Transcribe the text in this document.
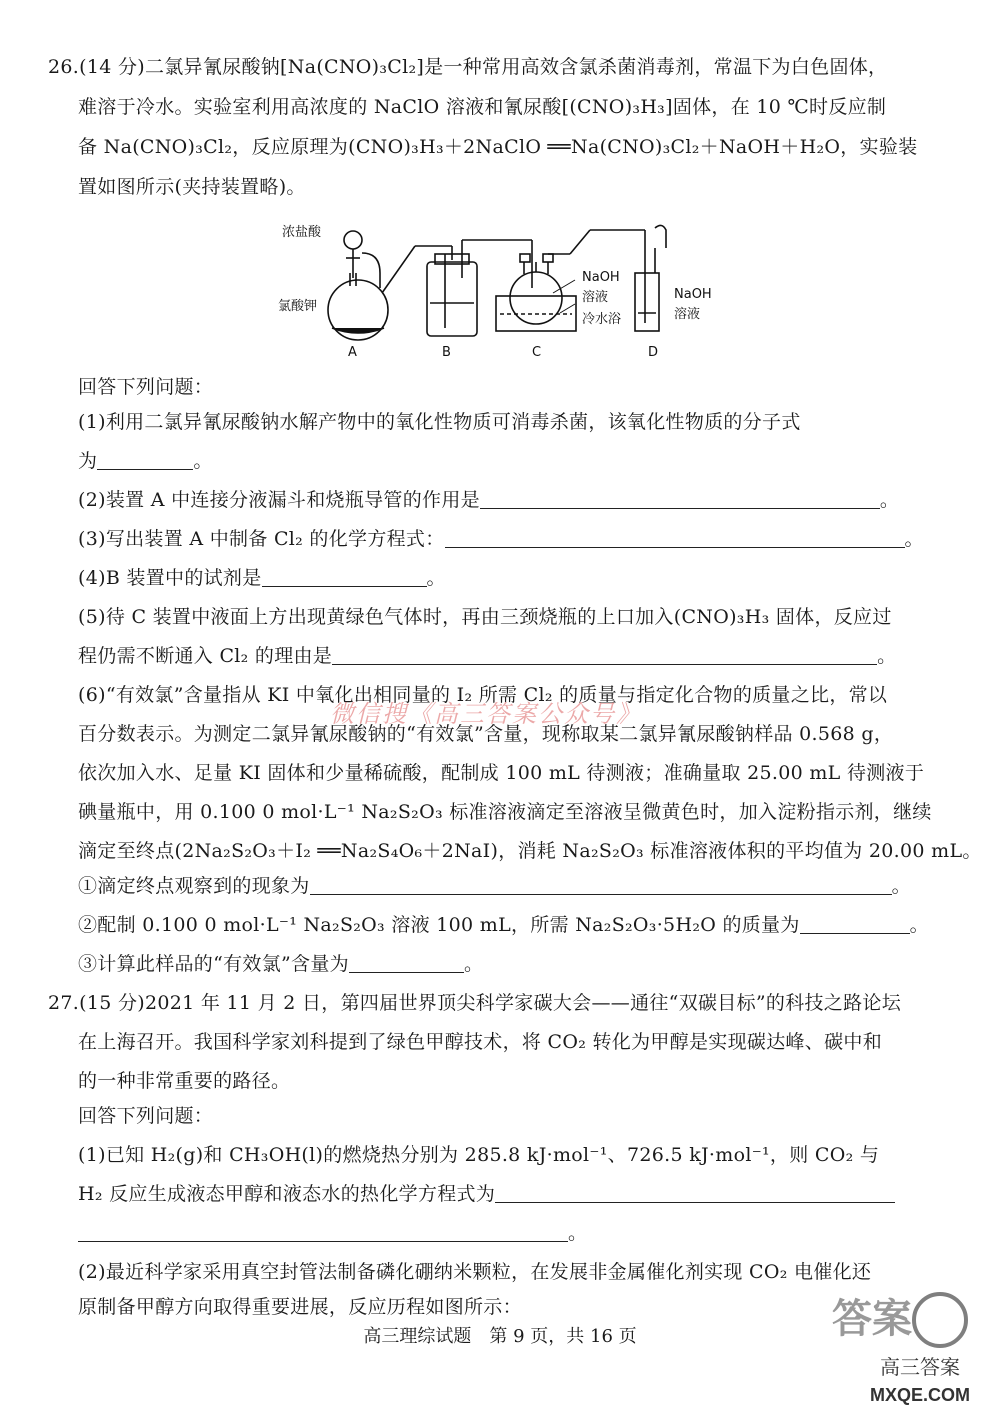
26.(14 分)二氯异氰尿酸钠[Na(CNO)₃Cl₂]是一种常用高效含氯杀菌消毒剂，常温下为白色固体，
难溶于冷水。实验室利用高浓度的 NaClO 溶液和氰尿酸[(CNO)₃H₃]固体，在 10 ℃时反应制
备 Na(CNO)₃Cl₂，反应原理为(CNO)₃H₃＋2NaClO ══Na(CNO)₃Cl₂＋NaOH＋H₂O，实验装
置如图所示(夹持装置略)。
浓盐酸
氯酸钾
NaOH
溶液
冷水浴
NaOH
溶液
A	B	C	D
回答下列问题：
(1)利用二氯异氰尿酸钠水解产物中的氧化性物质可消毒杀菌，该氧化性物质的分子式
为	。
(2)装置 A 中连接分液漏斗和烧瓶导管的作用是	。
(3)写出装置 A 中制备 Cl₂ 的化学方程式：	。
(4)B 装置中的试剂是	。
(5)待 C 装置中液面上方出现黄绿色气体时，再由三颈烧瓶的上口加入(CNO)₃H₃ 固体，反应过
程仍需不断通入 Cl₂ 的理由是	。
(6)“有效氯”含量指从 KI 中氧化出相同量的 I₂ 所需 Cl₂ 的质量与指定化合物的质量之比，常以
微信搜《高三答案公众号》
百分数表示。为测定二氯异氰尿酸钠的“有效氯”含量，现称取某二氯异氰尿酸钠样品 0.568 g，
依次加入水、足量 KI 固体和少量稀硫酸，配制成 100 mL 待测液；准确量取 25.00 mL 待测液于
碘量瓶中，用 0.100 0 mol·L⁻¹ Na₂S₂O₃ 标准溶液滴定至溶液呈微黄色时，加入淀粉指示剂，继续
滴定至终点(2Na₂S₂O₃＋I₂ ══Na₂S₄O₆＋2NaI)，消耗 Na₂S₂O₃ 标准溶液体积的平均值为 20.00 mL。
①滴定终点观察到的现象为	。
②配制 0.100 0 mol·L⁻¹ Na₂S₂O₃ 溶液 100 mL，所需 Na₂S₂O₃·5H₂O 的质量为	。
③计算此样品的“有效氯”含量为	。
27.(15 分)2021 年 11 月 2 日，第四届世界顶尖科学家碳大会——通往“双碳目标”的科技之路论坛
在上海召开。我国科学家刘科提到了绿色甲醇技术，将 CO₂ 转化为甲醇是实现碳达峰、碳中和
的一种非常重要的路径。
回答下列问题：
(1)已知 H₂(g)和 CH₃OH(l)的燃烧热分别为 285.8 kJ·mol⁻¹、726.5 kJ·mol⁻¹，则 CO₂ 与
H₂ 反应生成液态甲醇和液态水的热化学方程式为
。
(2)最近科学家采用真空封管法制备磷化硼纳米颗粒，在发展非金属催化剂实现 CO₂ 电催化还
原制备甲醇方向取得重要进展，反应历程如图所示：
高三理综试题　第 9 页，共 16 页	答案
高三答案
MXQE.COM
